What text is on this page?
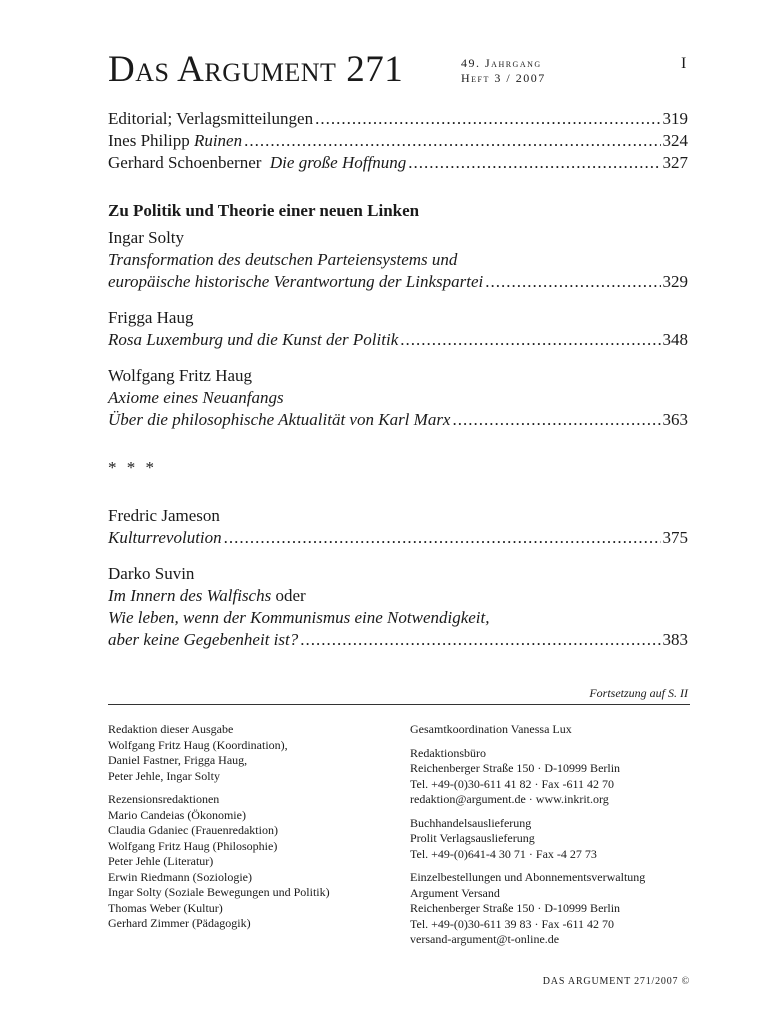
Das Argument 271	49. Jahrgang
Heft 3 / 2007
I
Editorial; Verlagsmitteilungen .....	319
Ines Philipp Ruinen .....	324
Gerhard Schoenberner Die große Hoffnung .....	327
Zu Politik und Theorie einer neuen Linken
Ingar Solty
Transformation des deutschen Parteiensystems und
europäische historische Verantwortung der Linkspartei .....	329
Frigga Haug
Rosa Luxemburg und die Kunst der Politik .....	348
Wolfgang Fritz Haug
Axiome eines Neuanfangs
Über die philosophische Aktualität von Karl Marx .....	363
* * *
Fredric Jameson
Kulturrevolution .....	375
Darko Suvin
Im Innern des Walfischs oder
Wie leben, wenn der Kommunismus eine Notwendigkeit,
aber keine Gegebenheit ist? .....	383
Fortsetzung auf S. II
Redaktion dieser Ausgabe
Wolfgang Fritz Haug (Koordination),
Daniel Fastner, Frigga Haug,
Peter Jehle, Ingar Solty
Rezensionsredaktionen
Mario Candeias (Ökonomie)
Claudia Gdaniec (Frauenredaktion)
Wolfgang Fritz Haug (Philosophie)
Peter Jehle (Literatur)
Erwin Riedmann (Soziologie)
Ingar Solty (Soziale Bewegungen und Politik)
Thomas Weber (Kultur)
Gerhard Zimmer (Pädagogik)
Gesamtkoordination Vanessa Lux
Redaktionsbüro
Reichenberger Straße 150 · D-10999 Berlin
Tel. +49-(0)30-611 41 82 · Fax -611 42 70
redaktion@argument.de · www.inkrit.org
Buchhandelsauslieferung
Prolit Verlagsauslieferung
Tel. +49-(0)641-4 30 71 · Fax -4 27 73
Einzelbestellungen und Abonnementsverwaltung
Argument Versand
Reichenberger Straße 150 · D-10999 Berlin
Tel. +49-(0)30-611 39 83 · Fax -611 42 70
versand-argument@t-online.de
DAS ARGUMENT 271/2007 ©
